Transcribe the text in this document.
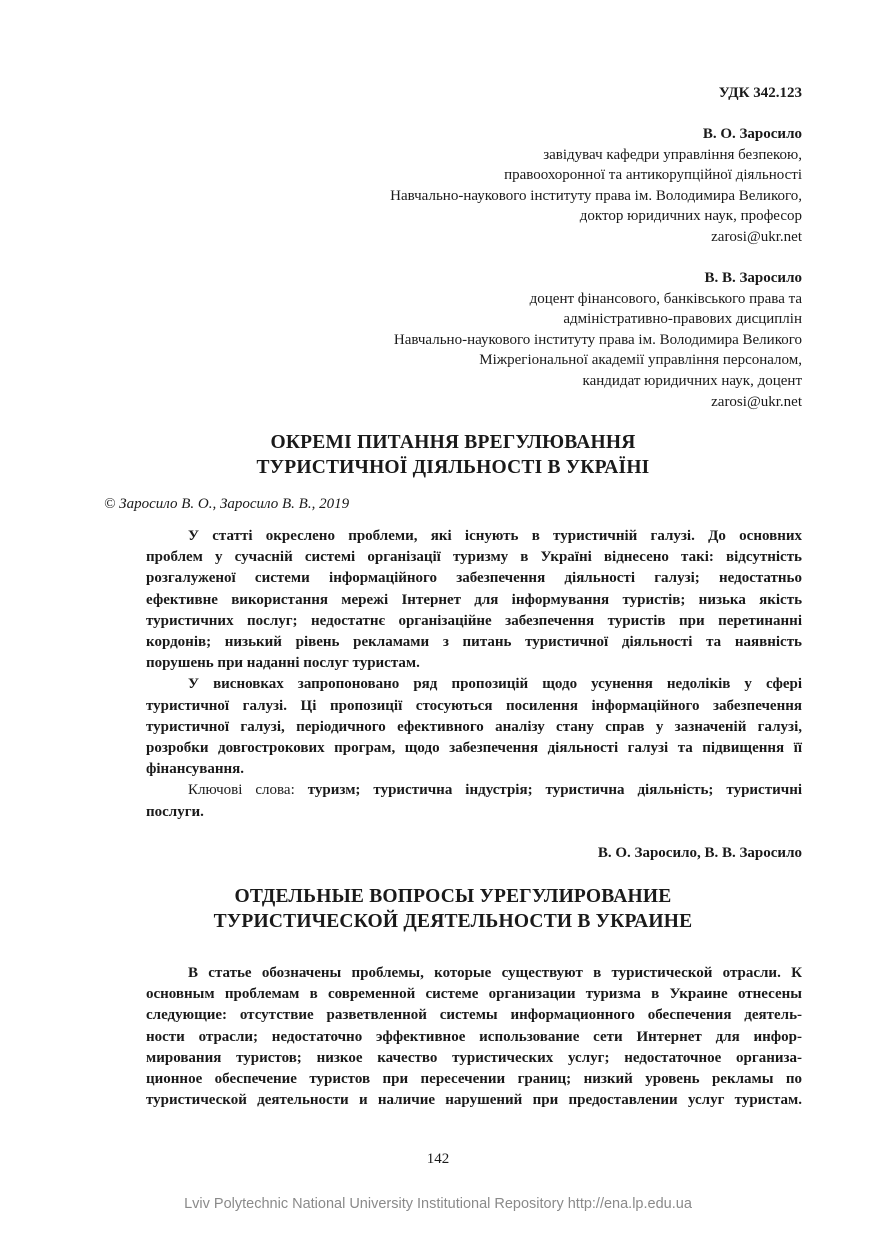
УДК 342.123
В. О. Заросило
завідувач кафедри управління безпекою,
правоохоронної та антикорупційної діяльності
Навчально-наукового інституту права ім. Володимира Великого,
доктор юридичних наук, професор
zarosi@ukr.net
В. В. Заросило
доцент фінансового, банківського права та
адміністративно-правових дисциплін
Навчально-наукового інституту права ім. Володимира Великого
Міжрегіональної академії управління персоналом,
кандидат юридичних наук, доцент
zarosi@ukr.net
ОКРЕМІ ПИТАННЯ ВРЕГУЛЮВАННЯ
ТУРИСТИЧНОЇ ДІЯЛЬНОСТІ В УКРАЇНІ
© Заросило В. О., Заросило В. В., 2019
У статті окреслено проблеми, які існують в туристичній галузі. До основних
проблем у сучасній системі організації туризму в Україні віднесено такі: відсутність
розгалуженої системи інформаційного забезпечення діяльності галузі; недостатньо
ефективне використання мережі Інтернет для інформування туристів; низька якість
туристичних послуг; недостатнє організаційне забезпечення туристів при перетинанні
кордонів; низький рівень рекламами з питань туристичної діяльності та наявність
порушень при наданні послуг туристам.
У висновках запропоновано ряд пропозицій щодо усунення недоліків у сфері
туристичної галузі. Ці пропозиції стосуються посилення інформаційного забезпечення
туристичної галузі, періодичного ефективного аналізу стану справ у зазначеній галузі,
розробки довгострокових програм, щодо забезпечення діяльності галузі та підвищення її
фінансування.
Ключові слова: туризм; туристична індустрія; туристична діяльність; туристичні
послуги.
В. О. Заросило, В. В. Заросило
ОТДЕЛЬНЫЕ ВОПРОСЫ УРЕГУЛИРОВАНИЕ
ТУРИСТИЧЕСКОЙ ДЕЯТЕЛЬНОСТИ В УКРАИНЕ
В статье обозначены проблемы, которые существуют в туристической отрасли. К
основным проблемам в современной системе организации туризма в Украине отнесены
следующие: отсутствие разветвленной системы информационного обеспечения деятель-
ности отрасли; недостаточно эффективное использование сети Интернет для инфор-
мирования туристов; низкое качество туристических услуг; недостаточное организа-
ционное обеспечение туристов при пересечении границ; низкий уровень рекламы по
туристической деятельности и наличие нарушений при предоставлении услуг туристам.
142
Lviv Polytechnic National University Institutional Repository http://ena.lp.edu.ua
